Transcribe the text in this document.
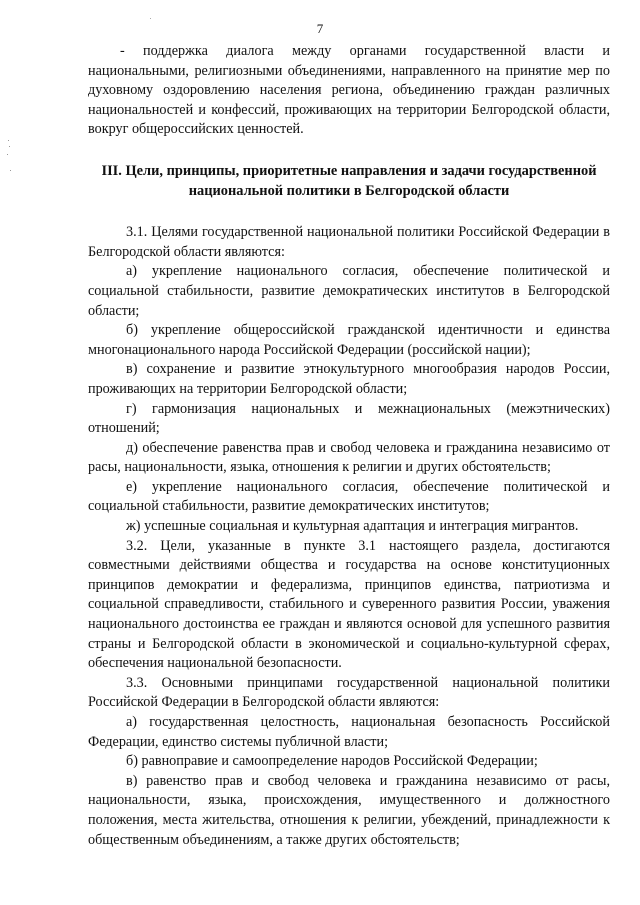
7

- поддержка диалога между органами государственной власти и национальными, религиозными объединениями, направленного на принятие мер по духовному оздоровлению населения региона, объединению граждан различных национальностей и конфессий, проживающих на территории Белгородской области, вокруг общероссийских ценностей.

III. Цели, принципы, приоритетные направления и задачи государственной национальной политики в Белгородской области

3.1. Целями государственной национальной политики Российской Федерации в Белгородской области являются:

а) укрепление национального согласия, обеспечение политической и социальной стабильности, развитие демократических институтов в Белгородской области;

б) укрепление общероссийской гражданской идентичности и единства многонационального народа Российской Федерации (российской нации);

в) сохранение и развитие этнокультурного многообразия народов России, проживающих на территории Белгородской области;

г) гармонизация национальных и межнациональных (межэтнических) отношений;

д) обеспечение равенства прав и свобод человека и гражданина независимо от расы, национальности, языка, отношения к религии и других обстоятельств;

е) укрепление национального согласия, обеспечение политической и социальной стабильности, развитие демократических институтов;

ж) успешные социальная и культурная адаптация и интеграция мигрантов.

3.2. Цели, указанные в пункте 3.1 настоящего раздела, достигаются совместными действиями общества и государства на основе конституционных принципов демократии и федерализма, принципов единства, патриотизма и социальной справедливости, стабильного и суверенного развития России, уважения национального достоинства ее граждан и являются основой для успешного развития страны и Белгородской области в экономической и социально-культурной сферах, обеспечения национальной безопасности.

3.3. Основными принципами государственной национальной политики Российской Федерации в Белгородской области являются:

а) государственная целостность, национальная безопасность Российской Федерации, единство системы публичной власти;

б) равноправие и самоопределение народов Российской Федерации;

в) равенство прав и свобод человека и гражданина независимо от расы, национальности, языка, происхождения, имущественного и должностного положения, места жительства, отношения к религии, убеждений, принадлежности к общественным объединениям, а также других обстоятельств;
